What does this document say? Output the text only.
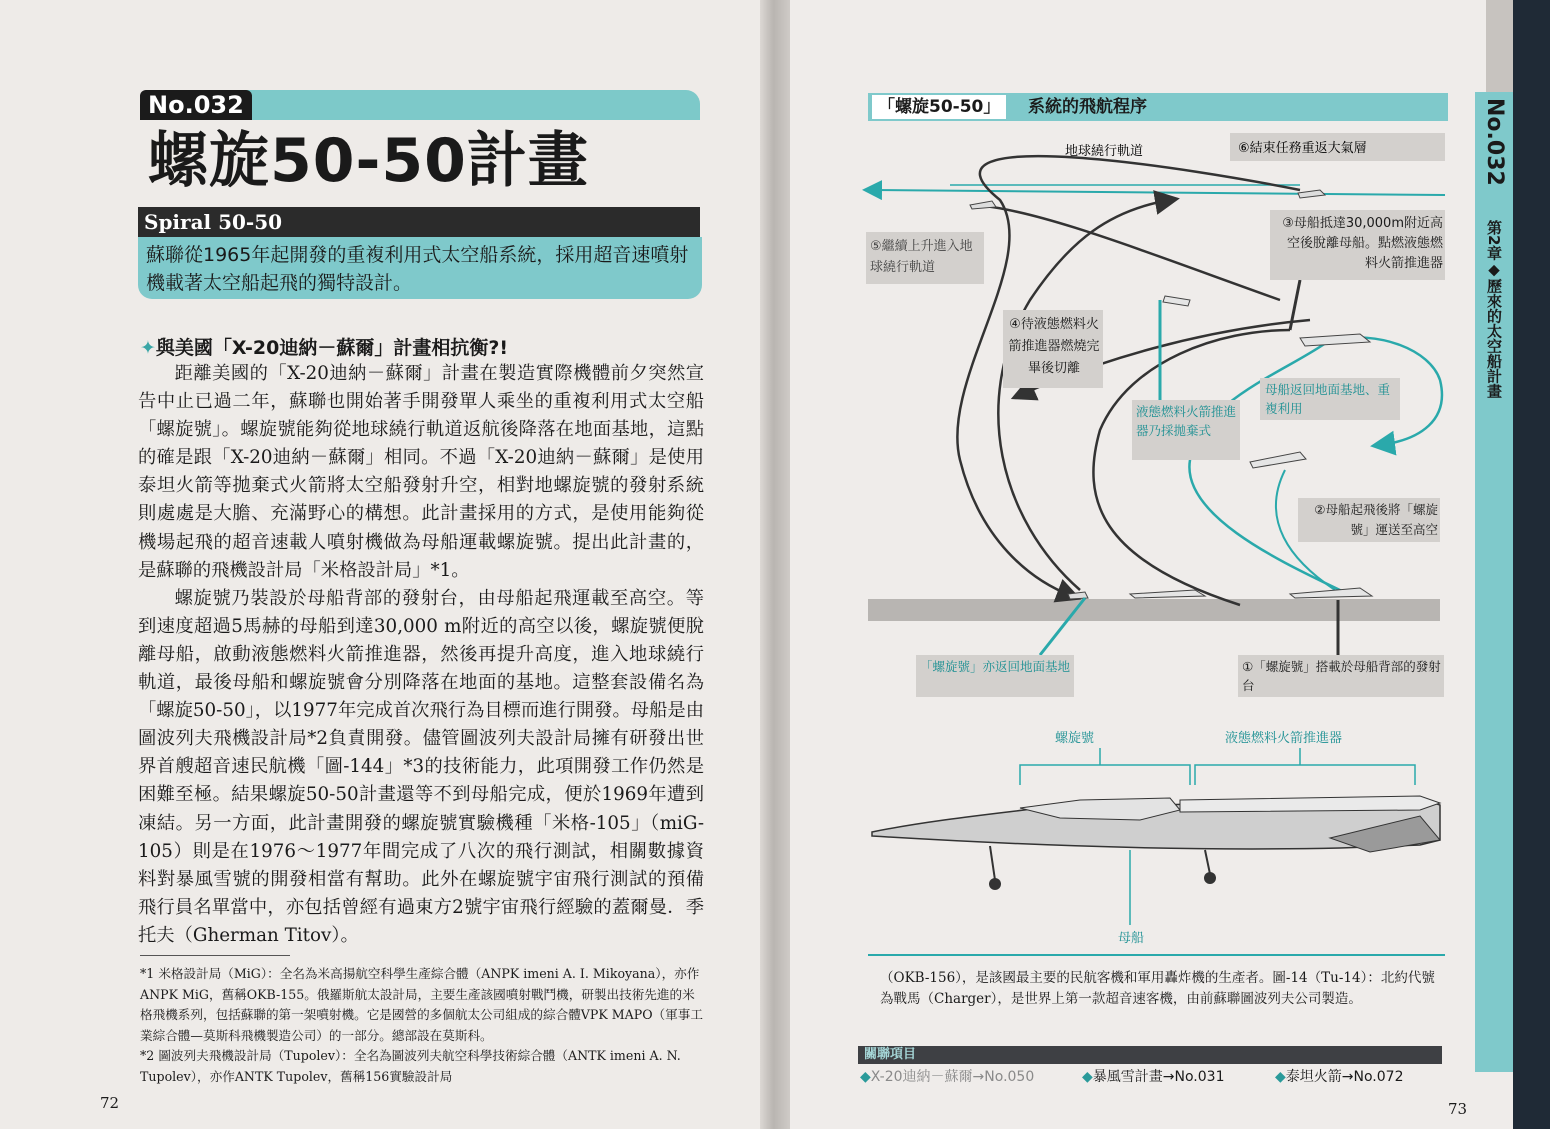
No.032
螺旋50-50計畫
Spiral 50-50
蘇聯從1965年起開發的重複利用式太空船系統，採用超音速噴射機載著太空船起飛的獨特設計。
✦與美國「X-20迪納－蘇爾」計畫相抗衡?!

距離美國的「X-20迪納－蘇爾」計畫在製造實際機體前夕突然宣告中止已過二年，蘇聯也開始著手開發單人乘坐的重複利用式太空船「螺旋號」。螺旋號能夠從地球繞行軌道返航後降落在地面基地，這點的確是跟「X-20迪納－蘇爾」相同。不過「X-20迪納－蘇爾」是使用泰坦火箭等拋棄式火箭將太空船發射升空，相對地螺旋號的發射系統則處處是大膽、充滿野心的構想。此計畫採用的方式，是使用能夠從機場起飛的超音速載人噴射機做為母船運載螺旋號。提出此計畫的，是蘇聯的飛機設計局「米格設計局」*1。

螺旋號乃裝設於母船背部的發射台，由母船起飛運載至高空。等到速度超過5馬赫的母船到達30,000 m附近的高空以後，螺旋號便脫離母船，啟動液態燃料火箭推進器，然後再提升高度，進入地球繞行軌道，最後母船和螺旋號會分別降落在地面的基地。這整套設備名為「螺旋50-50」，以1977年完成首次飛行為目標而進行開發。母船是由圖波列夫飛機設計局*2負責開發。儘管圖波列夫設計局擁有研發出世界首艘超音速民航機「圖-144」*3的技術能力，此項開發工作仍然是困難至極。結果螺旋50-50計畫還等不到母船完成，便於1969年遭到凍結。另一方面，此計畫開發的螺旋號實驗機種「米格-105」（miG-105）則是在1976～1977年間完成了八次的飛行測試，相關數據資料對暴風雪號的開發相當有幫助。此外在螺旋號宇宙飛行測試的預備飛行員名單當中，亦包括曾經有過東方2號宇宙飛行經驗的蓋爾曼．季托夫（Gherman Titov）。

*1 米格設計局（MiG）：全名為米高揚航空科學生產綜合體（ANPK imeni A. I. Mikoyana），亦作ANPK MiG，舊稱OKB-155。俄羅斯航太設計局，主要生產該國噴射戰鬥機，研製出技術先進的米格飛機系列，包括蘇聯的第一架噴射機。它是國營的多個航太公司組成的綜合體VPK MAPO（軍事工業綜合體—莫斯科飛機製造公司）的一部分。總部設在莫斯科。

*2 圖波列夫飛機設計局（Tupolev）：全名為圖波列夫航空科學技術綜合體（ANTK imeni A. N. Tupolev），亦作ANTK Tupolev，舊稱156實驗設計局

72
No.032
第2章◆歷來的太空船計畫
「螺旋50-50」	系統的飛航程序
地球繞行軌道	⑥結束任務重返大氣層
⑤繼續上升進入地球繞行軌道
③母船抵達30,000m附近高空後脫離母船。點燃液態燃料火箭推進器
④待液態燃料火箭推進器燃燒完畢後切離
液態燃料火箭推進器乃採拋棄式
母船返回地面基地、重複利用
②母船起飛後將「螺旋號」運送至高空
「螺旋號」亦返回地面基地	①「螺旋號」搭載於母船背部的發射台
螺旋號	液態燃料火箭推進器
母船
（OKB-156），是該國最主要的民航客機和軍用轟炸機的生產者。圖-14（Tu-14）：北約代號為戰馬（Charger），是世界上第一款超音速客機，由前蘇聯圖波列夫公司製造。
關聯項目
◆X-20迪納－蘇爾→No.050	◆暴風雪計畫→No.031	◆泰坦火箭→No.072
73
